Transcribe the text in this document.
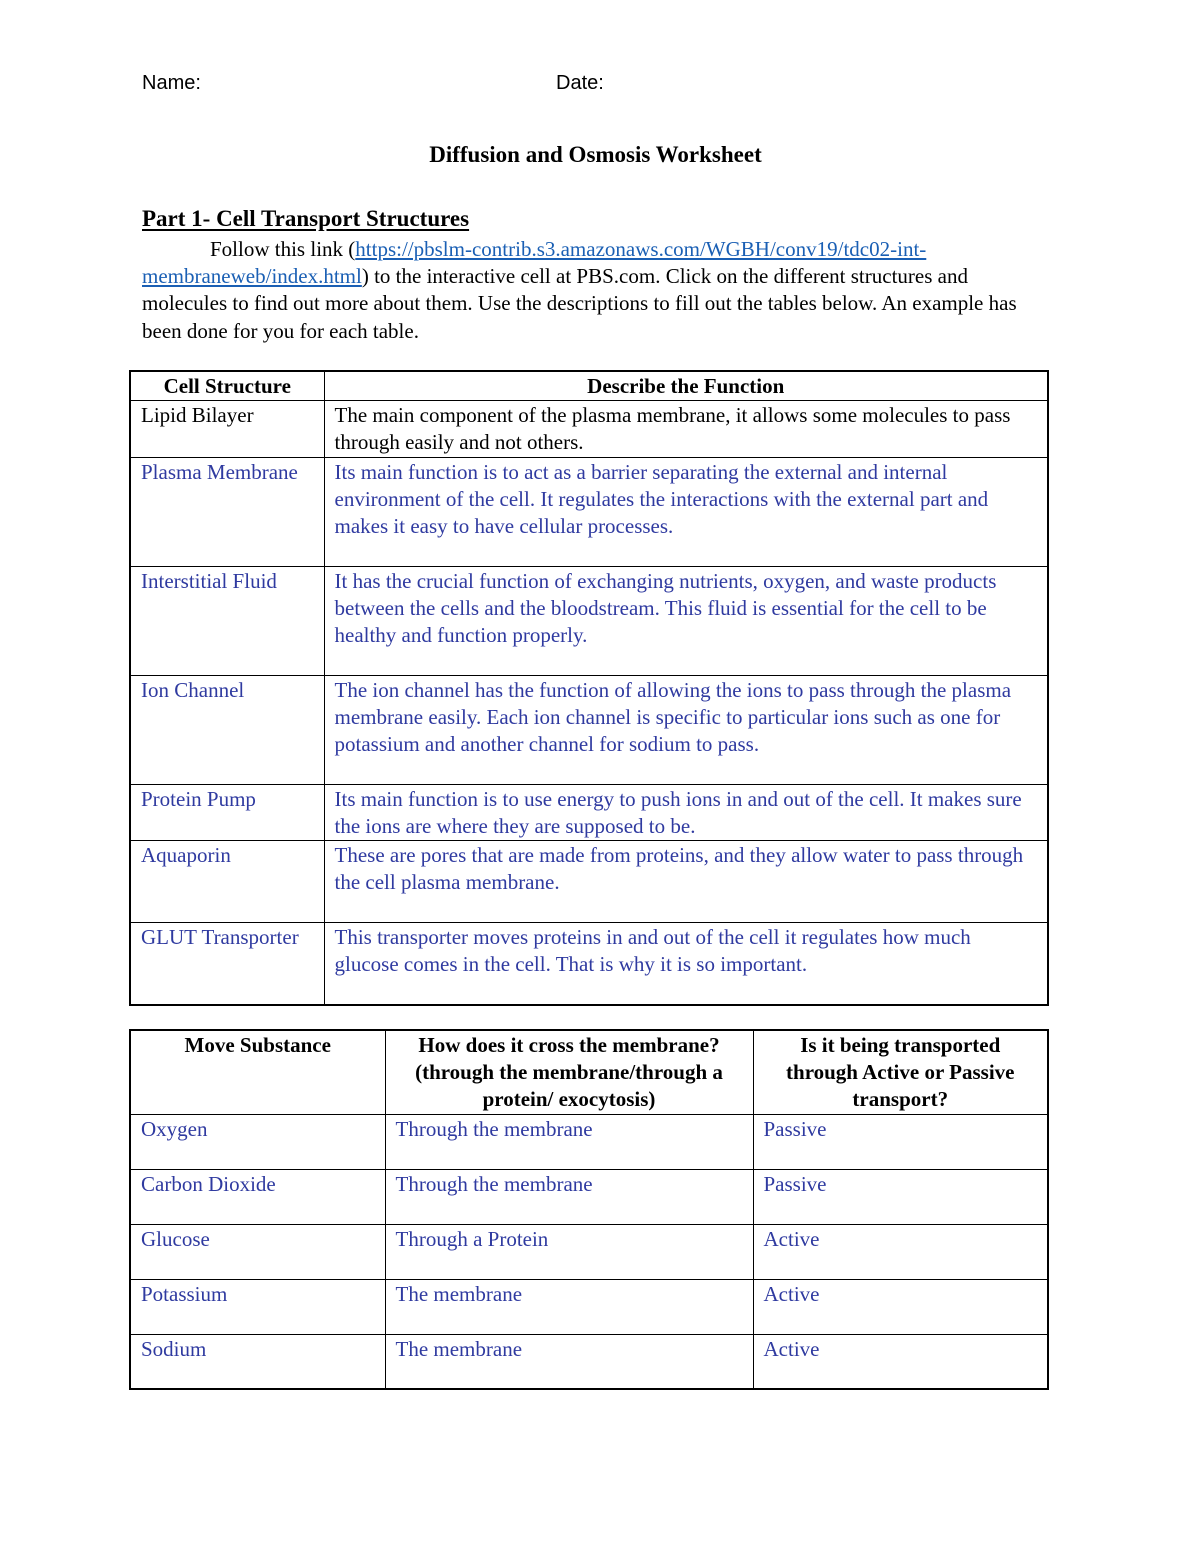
Name:	Date:
Diffusion and Osmosis Worksheet
Part 1- Cell Transport Structures
Follow this link (https://pbslm-contrib.s3.amazonaws.com/WGBH/conv19/tdc02-int-membraneweb/index.html) to the interactive cell at PBS.com. Click on the different structures and molecules to find out more about them. Use the descriptions to fill out the tables below. An example has been done for you for each table.
Cell Structure	Describe the Function
Lipid Bilayer	The main component of the plasma membrane, it allows some molecules to pass through easily and not others.
Plasma Membrane	Its main function is to act as a barrier separating the external and internal environment of the cell. It regulates the interactions with the external part and makes it easy to have cellular processes.
Interstitial Fluid	It has the crucial function of exchanging nutrients, oxygen, and waste products between the cells and the bloodstream. This fluid is essential for the cell to be healthy and function properly.
Ion Channel	The ion channel has the function of allowing the ions to pass through the plasma membrane easily. Each ion channel is specific to particular ions such as one for potassium and another channel for sodium to pass.
Protein Pump	Its main function is to use energy to push ions in and out of the cell. It makes sure the ions are where they are supposed to be.
Aquaporin	These are pores that are made from proteins, and they allow water to pass through the cell plasma membrane.
GLUT Transporter	This transporter moves proteins in and out of the cell it regulates how much glucose comes in the cell. That is why it is so important.
Move Substance	How does it cross the membrane? (through the membrane/through a protein/ exocytosis)	Is it being transported through Active or Passive transport?
Oxygen	Through the membrane	Passive
Carbon Dioxide	Through the membrane	Passive
Glucose	Through a Protein	Active
Potassium	The membrane	Active
Sodium	The membrane	Active
